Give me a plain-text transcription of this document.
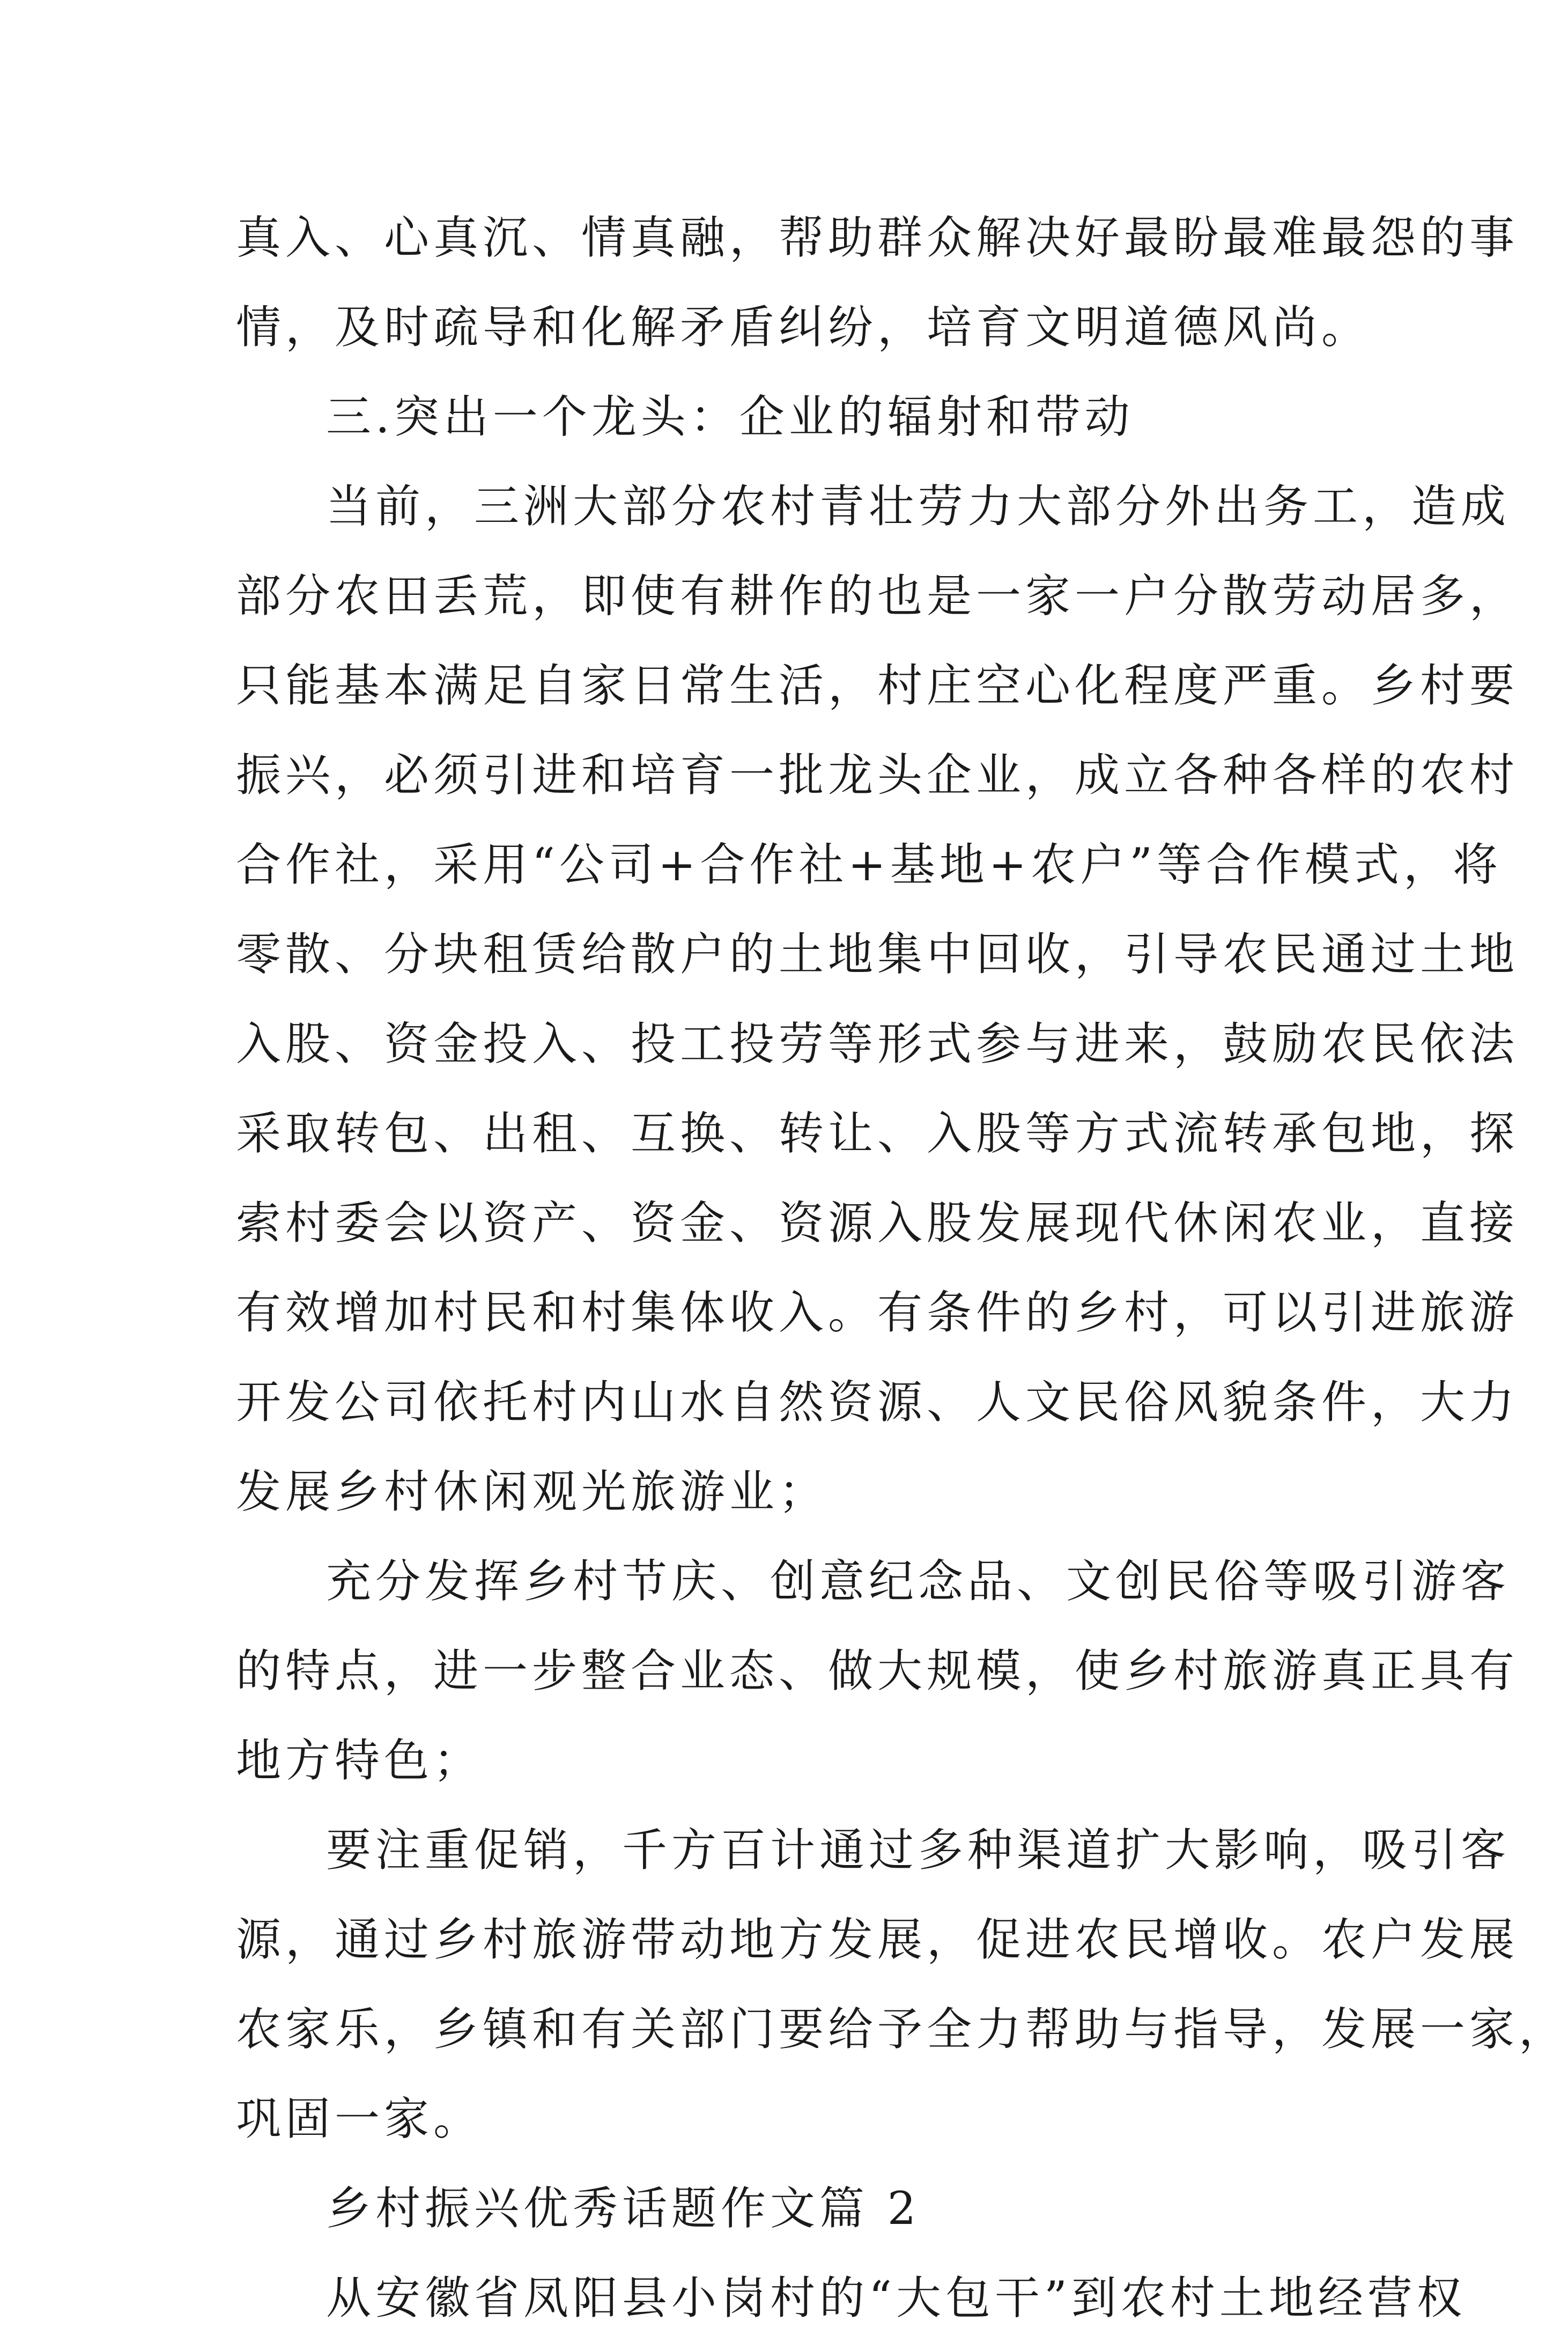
真入、心真沉、情真融，帮助群众解决好最盼最难最怨的事
情，及时疏导和化解矛盾纠纷，培育文明道德风尚。
三.突出一个龙头：企业的辐射和带动
当前，三洲大部分农村青壮劳力大部分外出务工，造成
部分农田丢荒，即使有耕作的也是一家一户分散劳动居多，
只能基本满足自家日常生活，村庄空心化程度严重。乡村要
振兴，必须引进和培育一批龙头企业，成立各种各样的农村
合作社，采用“公司+合作社+基地+农户”等合作模式，将
零散、分块租赁给散户的土地集中回收，引导农民通过土地
入股、资金投入、投工投劳等形式参与进来，鼓励农民依法
采取转包、出租、互换、转让、入股等方式流转承包地，探
索村委会以资产、资金、资源入股发展现代休闲农业，直接
有效增加村民和村集体收入。有条件的乡村，可以引进旅游
开发公司依托村内山水自然资源、人文民俗风貌条件，大力
发展乡村休闲观光旅游业；
充分发挥乡村节庆、创意纪念品、文创民俗等吸引游客
的特点，进一步整合业态、做大规模，使乡村旅游真正具有
地方特色；
要注重促销，千方百计通过多种渠道扩大影响，吸引客
源，通过乡村旅游带动地方发展，促进农民增收。农户发展
农家乐，乡镇和有关部门要给予全力帮助与指导，发展一家，
巩固一家。
乡村振兴优秀话题作文篇 2
从安徽省凤阳县小岗村的“大包干”到农村土地经营权
